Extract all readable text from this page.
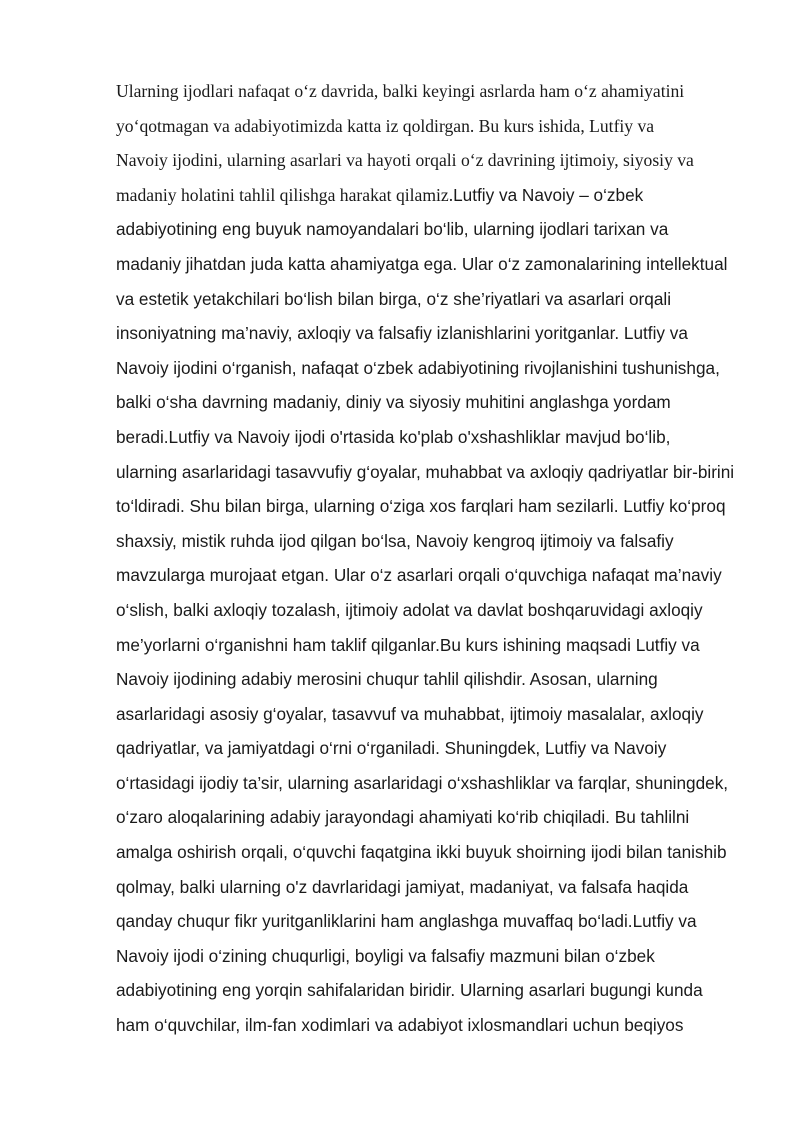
Ularning ijodlari nafaqat o‘z davrida, balki keyingi asrlarda ham o‘z ahamiyatini
yo‘qotmagan va adabiyotimizda katta iz qoldirgan. Bu kurs ishida, Lutfiy va
Navoiy ijodini, ularning asarlari va hayoti orqali o‘z davrining ijtimoiy, siyosiy va
madaniy holatini tahlil qilishga harakat qilamiz.Lutfiy va Navoiy – o‘zbek
adabiyotining eng buyuk namoyandalari bo‘lib, ularning ijodlari tarixan va
madaniy jihatdan juda katta ahamiyatga ega. Ular o‘z zamonalarining intellektual
va estetik yetakchilari bo‘lish bilan birga, o‘z she’riyatlari va asarlari orqali
insoniyatning ma’naviy, axloqiy va falsafiy izlanishlarini yoritganlar. Lutfiy va
Navoiy ijodini o‘rganish, nafaqat o‘zbek adabiyotining rivojlanishini tushunishga,
balki o‘sha davrning madaniy, diniy va siyosiy muhitini anglashga yordam
beradi.Lutfiy va Navoiy ijodi o'rtasida ko'plab o'xshashliklar mavjud bo‘lib,
ularning asarlaridagi tasavvufiy g‘oyalar, muhabbat va axloqiy qadriyatlar bir-birini
to‘ldiradi. Shu bilan birga, ularning o‘ziga xos farqlari ham sezilarli. Lutfiy ko‘proq
shaxsiy, mistik ruhda ijod qilgan bo‘lsa, Navoiy kengroq ijtimoiy va falsafiy
mavzularga murojaat etgan. Ular o‘z asarlari orqali o‘quvchiga nafaqat ma’naviy
o‘slish, balki axloqiy tozalash, ijtimoiy adolat va davlat boshqaruvidagi axloqiy
me’yorlarni o‘rganishni ham taklif qilganlar.Bu kurs ishining maqsadi Lutfiy va
Navoiy ijodining adabiy merosini chuqur tahlil qilishdir. Asosan, ularning
asarlaridagi asosiy g‘oyalar, tasavvuf va muhabbat, ijtimoiy masalalar, axloqiy
qadriyatlar, va jamiyatdagi o‘rni o‘rganiladi. Shuningdek, Lutfiy va Navoiy
o‘rtasidagi ijodiy ta’sir, ularning asarlaridagi o‘xshashliklar va farqlar, shuningdek,
o‘zaro aloqalarining adabiy jarayondagi ahamiyati ko‘rib chiqiladi. Bu tahlilni
amalga oshirish orqali, o‘quvchi faqatgina ikki buyuk shoirning ijodi bilan tanishib
qolmay, balki ularning o'z davrlaridagi jamiyat, madaniyat, va falsafa haqida
qanday chuqur fikr yuritganliklarini ham anglashga muvaffaq bo‘ladi.Lutfiy va
Navoiy ijodi o‘zining chuqurligi, boyligi va falsafiy mazmuni bilan o‘zbek
adabiyotining eng yorqin sahifalaridan biridir. Ularning asarlari bugungi kunda
ham o‘quvchilar, ilm-fan xodimlari va adabiyot ixlosmandlari uchun beqiyos
